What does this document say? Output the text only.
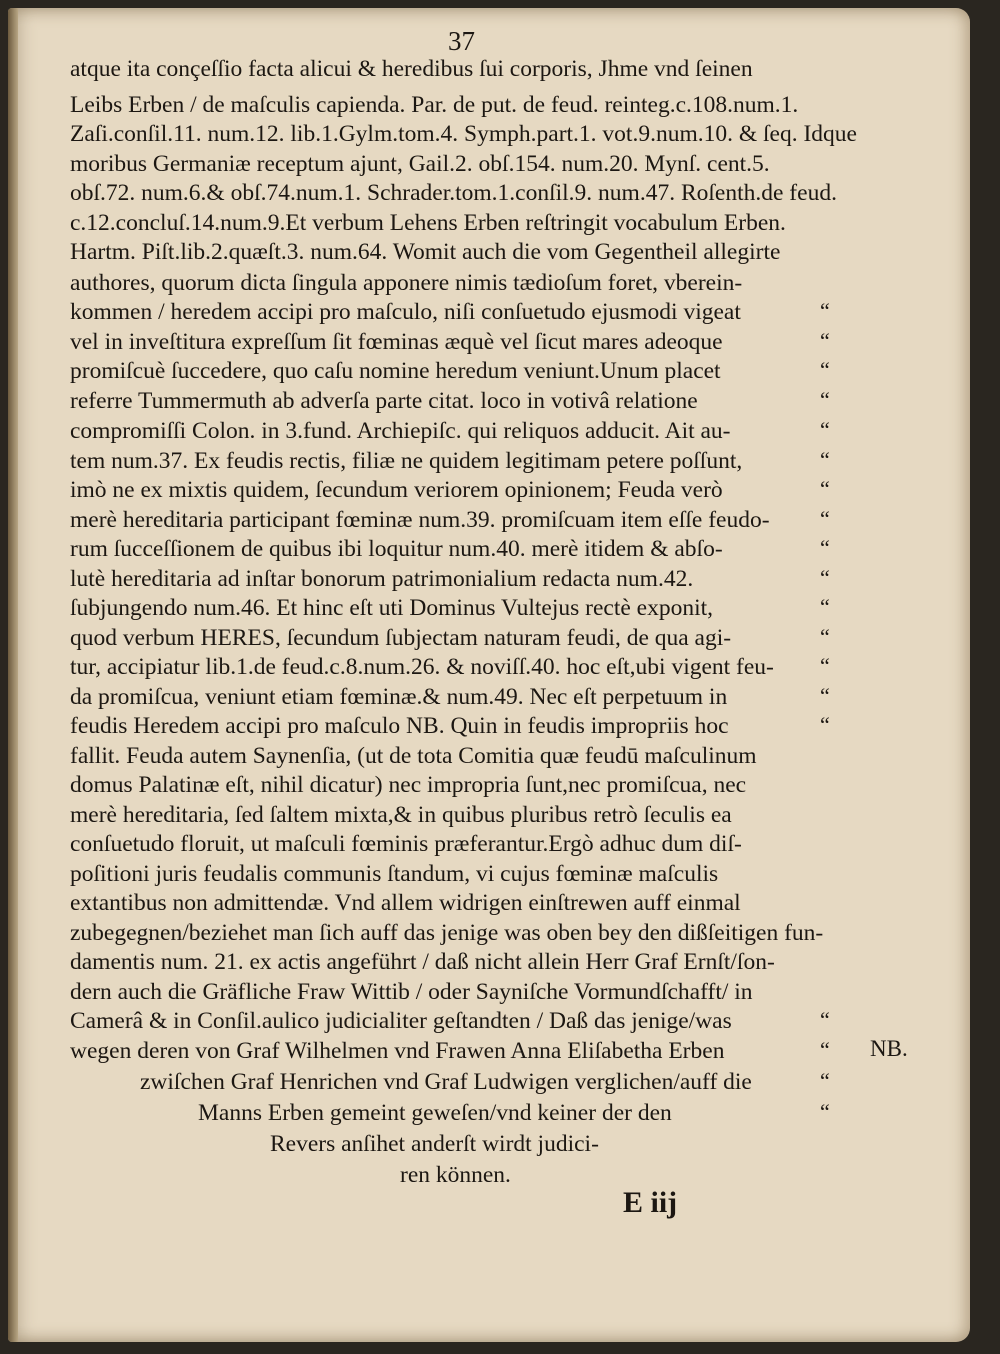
37
atque ita conçeſſio facta alicui & heredibus ſui corporis, Jhme vnd ſeinen
Leibs Erben / de maſculis capienda. Par. de put. de feud. reinteg.c.108.num.1.
Zaſi.conſil.11. num.12. lib.1.Gylm.tom.4. Symph.part.1. vot.9.num.10. & ſeq. Idque
moribus Germaniæ receptum ajunt, Gail.2. obſ.154. num.20. Mynſ. cent.5.
obſ.72. num.6.& obſ.74.num.1. Schrader.tom.1.conſil.9. num.47. Roſenth.de feud.
c.12.concluſ.14.num.9.Et verbum Lehens Erben reſtringit vocabulum Erben.
Hartm. Piſt.lib.2.quæſt.3. num.64. Womit auch die vom Gegentheil allegirte
authores, quorum dicta ſingula apponere nimis tædioſum foret, vberein-
kommen / heredem accipi pro maſculo, niſi conſuetudo ejusmodi vigeat
vel in inveſtitura expreſſum ſit fœminas æquè vel ſicut mares adeoque
promiſcuè ſuccedere, quo caſu nomine heredum veniunt.Unum placet
referre Tummermuth ab adverſa parte citat. loco in votivâ relatione
compromiſſi Colon. in 3.fund. Archiepiſc. qui reliquos adducit. Ait au-
tem num.37. Ex feudis rectis, filiæ ne quidem legitimam petere poſſunt,
imò ne ex mixtis quidem, ſecundum veriorem opinionem; Feuda verò
merè hereditaria participant fœminæ num.39. promiſcuam item eſſe feudo-
rum ſucceſſionem de quibus ibi loquitur num.40. merè itidem & abſo-
lutè hereditaria ad inſtar bonorum patrimonialium redacta num.42.
ſubjungendo num.46. Et hinc eſt uti Dominus Vultejus rectè exponit,
quod verbum HERES, ſecundum ſubjectam naturam feudi, de qua agi-
tur, accipiatur lib.1.de feud.c.8.num.26. & noviſſ.40. hoc eſt,ubi vigent feu-
da promiſcua, veniunt etiam fœminæ.& num.49. Nec eſt perpetuum in
feudis Heredem accipi pro maſculo NB. Quin in feudis impropriis hoc
fallit. Feuda autem Saynenſia, (ut de tota Comitia quæ feudū maſculinum
domus Palatinæ eſt, nihil dicatur) nec impropria ſunt,nec promiſcua, nec
merè hereditaria, ſed ſaltem mixta,& in quibus pluribus retrò ſeculis ea
conſuetudo floruit, ut maſculi fœminis præferantur.Ergò adhuc dum diſ-
poſitioni juris feudalis communis ſtandum, vi cujus fœminæ maſculis
extantibus non admittendæ. Vnd allem widrigen einſtrewen auff einmal
zubegegnen/beziehet man ſich auff das jenige was oben bey den dißſeitigen fun-
damentis num. 21. ex actis angeführt / daß nicht allein Herr Graf Ernſt/ſon-
dern auch die Gräfliche Fraw Wittib / oder Sayniſche Vormundſchafft/ in
Camerâ & in Conſil.aulico judicialiter geſtandten / Daß das jenige/was
wegen deren von Graf Wilhelmen vnd Frawen Anna Eliſabetha Erben
zwiſchen Graf Henrichen vnd Graf Ludwigen verglichen/auff die
Manns Erben gemeint geweſen/vnd keiner der den
Revers anſihet anderſt wirdt judici-
ren können.
“
“
“
“
“
“
“
“
“
“
“
“
“
“
“
“
“
“
“
NB.
E iij
